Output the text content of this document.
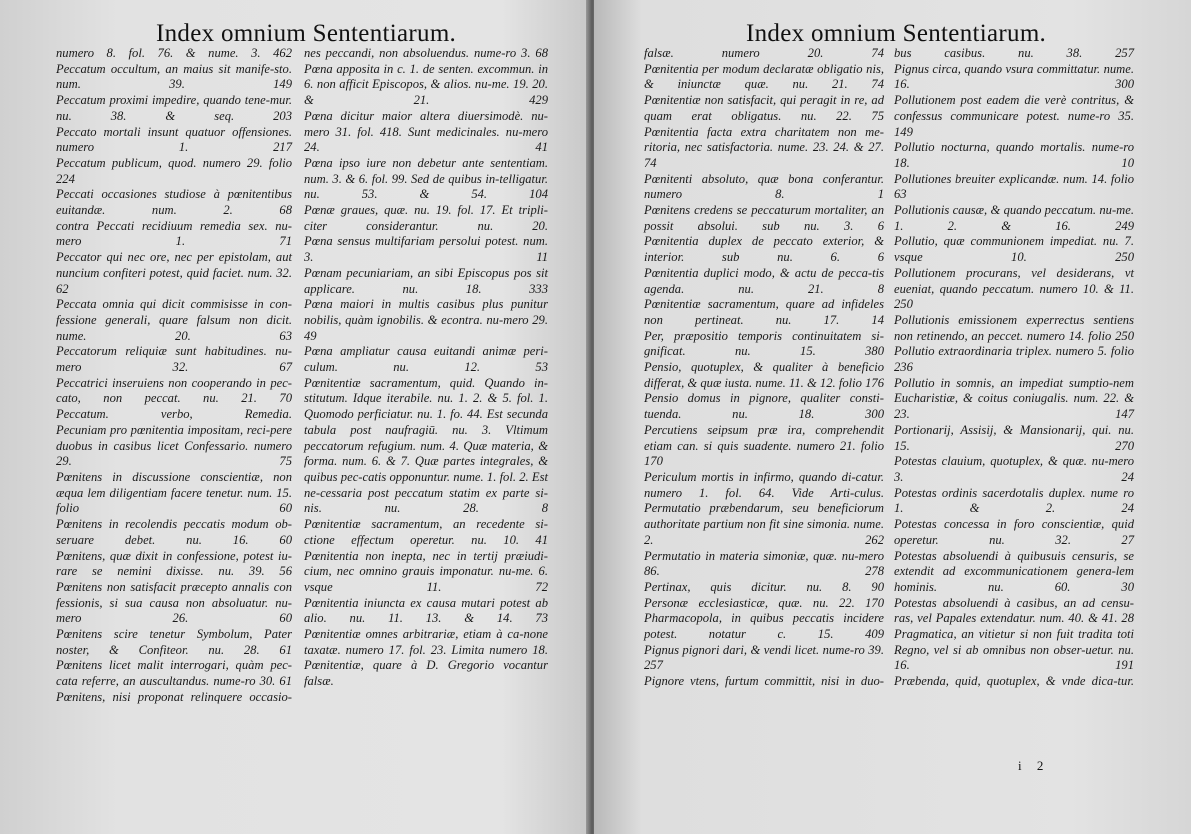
Index omnium Sententiarum.

numero 8. fol. 76. & nume. 3. 462

Peccatum occultum, an maius sit manife-sto. num. 39. 149

Peccatum proximi impedire, quando tene-mur. nu. 38. & seq. 203

Peccato mortali insunt quatuor offensiones. numero 1. 217

Peccatum publicum, quod. numero 29. folio 224

Peccati occasiones studiose à pœnitentibus euitandæ. num. 2. 68

contra Peccati recidiuum remedia sex. nu-mero 1. 71

Peccator qui nec ore, nec per epistolam, aut nuncium confiteri potest, quid faciet. num. 32. 62

Peccata omnia qui dicit commisisse in con-fessione generali, quare falsum non dicit. nume. 20. 63

Peccatorum reliquiæ sunt habitudines. nu-mero 32. 67

Peccatrici inseruiens non cooperando in pec-cato, non peccat. nu. 21. 70

Peccatum. verbo, Remedia.

Pecuniam pro pœnitentia impositam, reci-pere duobus in casibus licet Confessario. numero 29. 75

Pœnitens in discussione conscientiæ, non æqua lem diligentiam facere tenetur. num. 15. folio 60

Pœnitens in recolendis peccatis modum ob-seruare debet. nu. 16. 60

Pœnitens, quæ dixit in confessione, potest iu-rare se nemini dixisse. nu. 39. 56

Pœnitens non satisfacit præcepto annalis con fessionis, si sua causa non absoluatur. nu-mero 26. 60

Pœnitens scire tenetur Symbolum, Pater noster, & Confiteor. nu. 28. 61

Pœnitens licet malit interrogari, quàm pec-cata referre, an auscultandus. nume-ro 30. 61

Pœnitens, nisi proponat relinquere occasio-

nes peccandi, non absoluendus. nume-ro 3. 68

Pœna apposita in c. 1. de senten. excommun. in 6. non afficit Episcopos, & alios. nu-me. 19. 20. & 21. 429

Pœna dicitur maior altera diuersimodè. nu-mero 31. fol. 418. Sunt medicinales. nu-mero 24. 41

Pœna ipso iure non debetur ante sententiam. num. 3. & 6. fol. 99. Sed de quibus in-telligatur. nu. 53. & 54. 104

Pœnæ graues, quæ. nu. 19. fol. 17. Et tripli-citer considerantur. nu. 20.

Pœna sensus multifariam persolui potest. num. 3. 11

Pœnam pecuniariam, an sibi Episcopus pos sit applicare. nu. 18. 333

Pœna maiori in multis casibus plus punitur nobilis, quàm ignobilis. & econtra. nu-mero 29. 49

Pœna ampliatur causa euitandi animæ peri-culum. nu. 12. 53

Pœnitentiæ sacramentum, quid. Quando in-stitutum. Idque iterabile. nu. 1. 2. & 5. fol. 1. Quomodo perficiatur. nu. 1. fo. 44. Est secunda tabula post naufragiū. nu. 3. Vltimum peccatorum refugium. num. 4. Quæ materia, & forma. num. 6. & 7. Quæ partes integrales, & quibus pec-catis opponuntur. nume. 1. fol. 2. Est ne-cessaria post peccatum statim ex parte si-nis. nu. 28. 8

Pœnitentiæ sacramentum, an recedente si-ctione effectum operetur. nu. 10. 41

Pœnitentia non inepta, nec in tertij præiudi-cium, nec omnino grauis imponatur. nu-me. 6. vsque 11. 72

Pœnitentia iniuncta ex causa mutari potest ab alio. nu. 11. 13. & 14. 73

Pœnitentiæ omnes arbitrariæ, etiam à ca-none taxatæ. numero 17. fol. 23. Limita numero 18.

Pœnitentiæ, quare à D. Gregorio vocantur falsæ.

Index omnium Sententiarum.

falsæ. numero 20. 74

Pœnitentia per modum declaratæ obligatio nis, & iniunctæ quæ. nu. 21. 74

Pœnitentiæ non satisfacit, qui peragit in re, ad quam erat obligatus. nu. 22. 75

Pœnitentia facta extra charitatem non me-ritoria, nec satisfactoria. nume. 23. 24. & 27. 74

Pœnitenti absoluto, quæ bona conferantur. numero 8. 1

Pœnitens credens se peccaturum mortaliter, an possit absolui. sub nu. 3. 6

Pœnitentia duplex de peccato exterior, & interior. sub nu. 6. 6

Pœnitentia duplici modo, & actu de pecca-tis agenda. nu. 21. 8

Pœnitentiæ sacramentum, quare ad infideles non pertineat. nu. 17. 14

Per, præpositio temporis continuitatem si-gnificat. nu. 15. 380

Pensio, quotuplex, & qualiter à beneficio differat, & quæ iusta. nume. 11. & 12. folio 176

Pensio domus in pignore, qualiter consti-tuenda. nu. 18. 300

Percutiens seipsum præ ira, comprehendit etiam can. si quis suadente. numero 21. folio 170

Periculum mortis in infirmo, quando di-catur. numero 1. fol. 64. Vide Arti-culus.

Permutatio præbendarum, seu beneficiorum authoritate partium non fit sine simonia. nume. 2. 262

Permutatio in materia simoniæ, quæ. nu-mero 86. 278

Pertinax, quis dicitur. nu. 8. 90

Personæ ecclesiasticæ, quæ. nu. 22. 170

Pharmacopola, in quibus peccatis incidere potest. notatur c. 15. 409

Pignus pignori dari, & vendi licet. nume-ro 39. 257

Pignore vtens, furtum committit, nisi in duo-

bus casibus. nu. 38. 257

Pignus circa, quando vsura committatur. nume. 16. 300

Pollutionem post eadem die verè contritus, & confessus communicare potest. nume-ro 35. 149

Pollutio nocturna, quando mortalis. nume-ro 18. 10

Pollutiones breuiter explicandæ. num. 14. folio 63

Pollutionis causæ, & quando peccatum. nu-me. 1. 2. & 16. 249

Pollutio, quæ communionem impediat. nu. 7. vsque 10. 250

Pollutionem procurans, vel desiderans, vt eueniat, quando peccatum. numero 10. & 11. 250

Pollutionis emissionem experrectus sentiens non retinendo, an peccet. numero 14. folio 250

Pollutio extraordinaria triplex. numero 5. folio 236

Pollutio in somnis, an impediat sumptio-nem Eucharistiæ, & coitus coniugalis. num. 22. & 23. 147

Portionarij, Assisij, & Mansionarij, qui. nu. 15. 270

Potestas clauium, quotuplex, & quæ. nu-mero 3. 24

Potestas ordinis sacerdotalis duplex. nume ro 1. & 2. 24

Potestas concessa in foro conscientiæ, quid operetur. nu. 32. 27

Potestas absoluendi à quibusuis censuris, se extendit ad excommunicationem genera-lem hominis. nu. 60. 30

Potestas absoluendi à casibus, an ad censu-ras, vel Papales extendatur. num. 40. & 41. 28

Pragmatica, an vitietur si non fuit tradita toti Regno, vel si ab omnibus non obser-uetur. nu. 16. 191

Præbenda, quid, quotuplex, & vnde dica-tur.

i 2
